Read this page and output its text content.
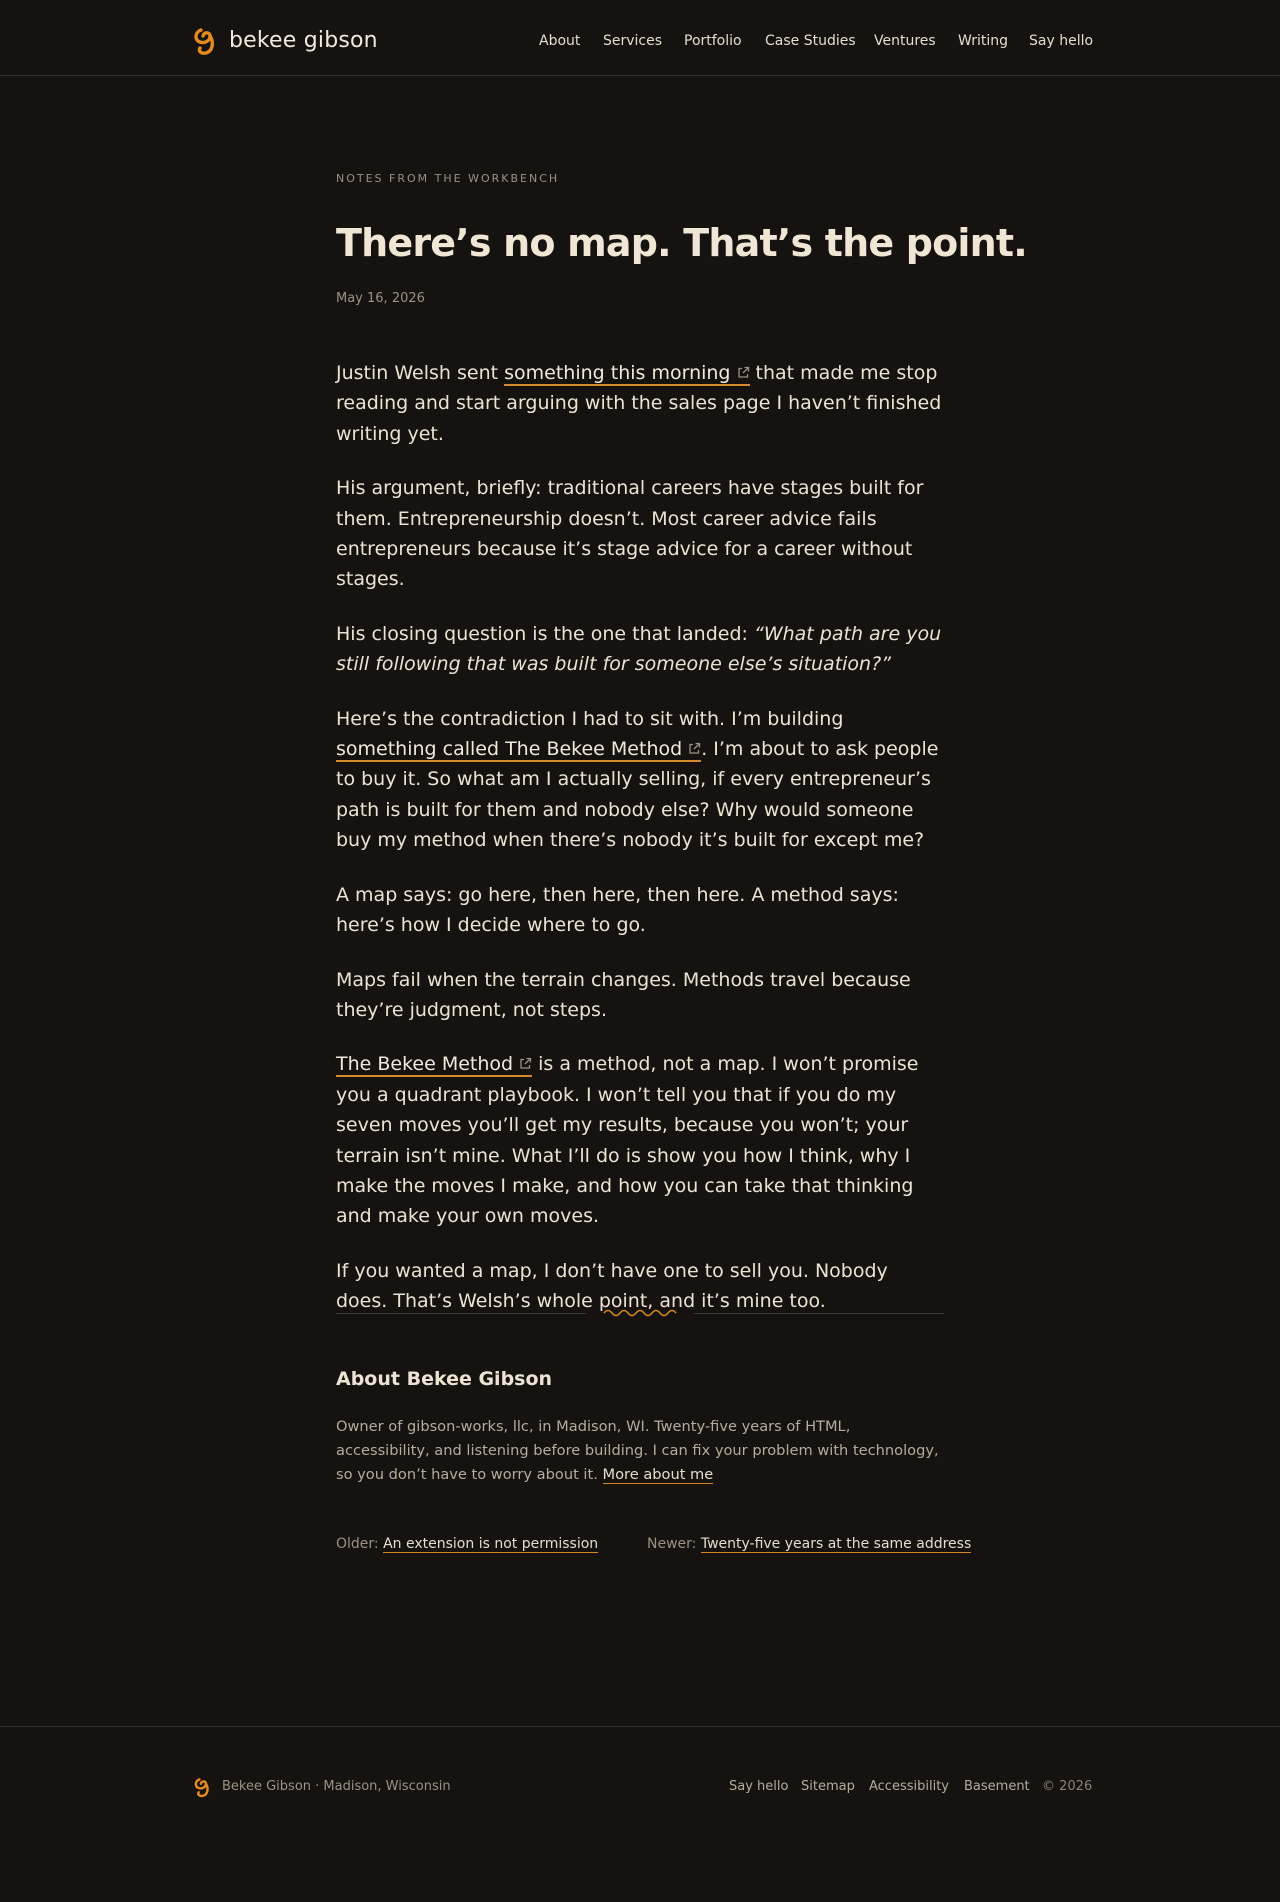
bekee gibson	About Services Portfolio Case Studies Ventures Writing Say hello
NOTES FROM THE WORKBENCH
There’s no map. That’s the point.
May 16, 2026

Justin Welsh sent something this morning
that made me stop reading and start arguing with the sales page I haven’t finished writing yet.

His argument, briefly: traditional careers have stages built for them. Entrepreneurship doesn’t. Most career advice fails entrepreneurs because it’s stage advice for a career without stages.

His closing question is the one that landed: “What path are you still following that was built for someone else’s situation?”

Here’s the contradiction I had to sit with. I’m building something called The Bekee Method . I’m about to ask people to buy it. So what am I actually selling, if every entrepreneur’s path is built for them and nobody else? Why would someone buy my method when there’s nobody it’s built for except me?

A map says: go here, then here, then here. A method says: here’s how I decide where to go.

Maps fail when the terrain changes. Methods travel because they’re judgment, not steps.

The Bekee Method
is a method, not a map. I won’t promise you a quadrant playbook. I won’t tell you that if you do my seven moves you’ll get my results, because you won’t; your terrain isn’t mine. What I’ll do is show you how I think, why I make the moves I make, and how you can take that thinking and make your own moves.

If you wanted a map, I don’t have one to sell you. Nobody does. That’s Welsh’s whole point, and it’s mine too.

About Bekee Gibson

Owner of gibson-works, llc, in Madison, WI. Twenty-five years of HTML, accessibility, and listening before building. I can fix your problem with technology, so you don’t have to worry about it. More about me

Older: An extension is not permission	Newer: Twenty-five years at the same address
Bekee Gibson · Madison, Wisconsin	Say hello Sitemap Accessibility Basement © 2026
